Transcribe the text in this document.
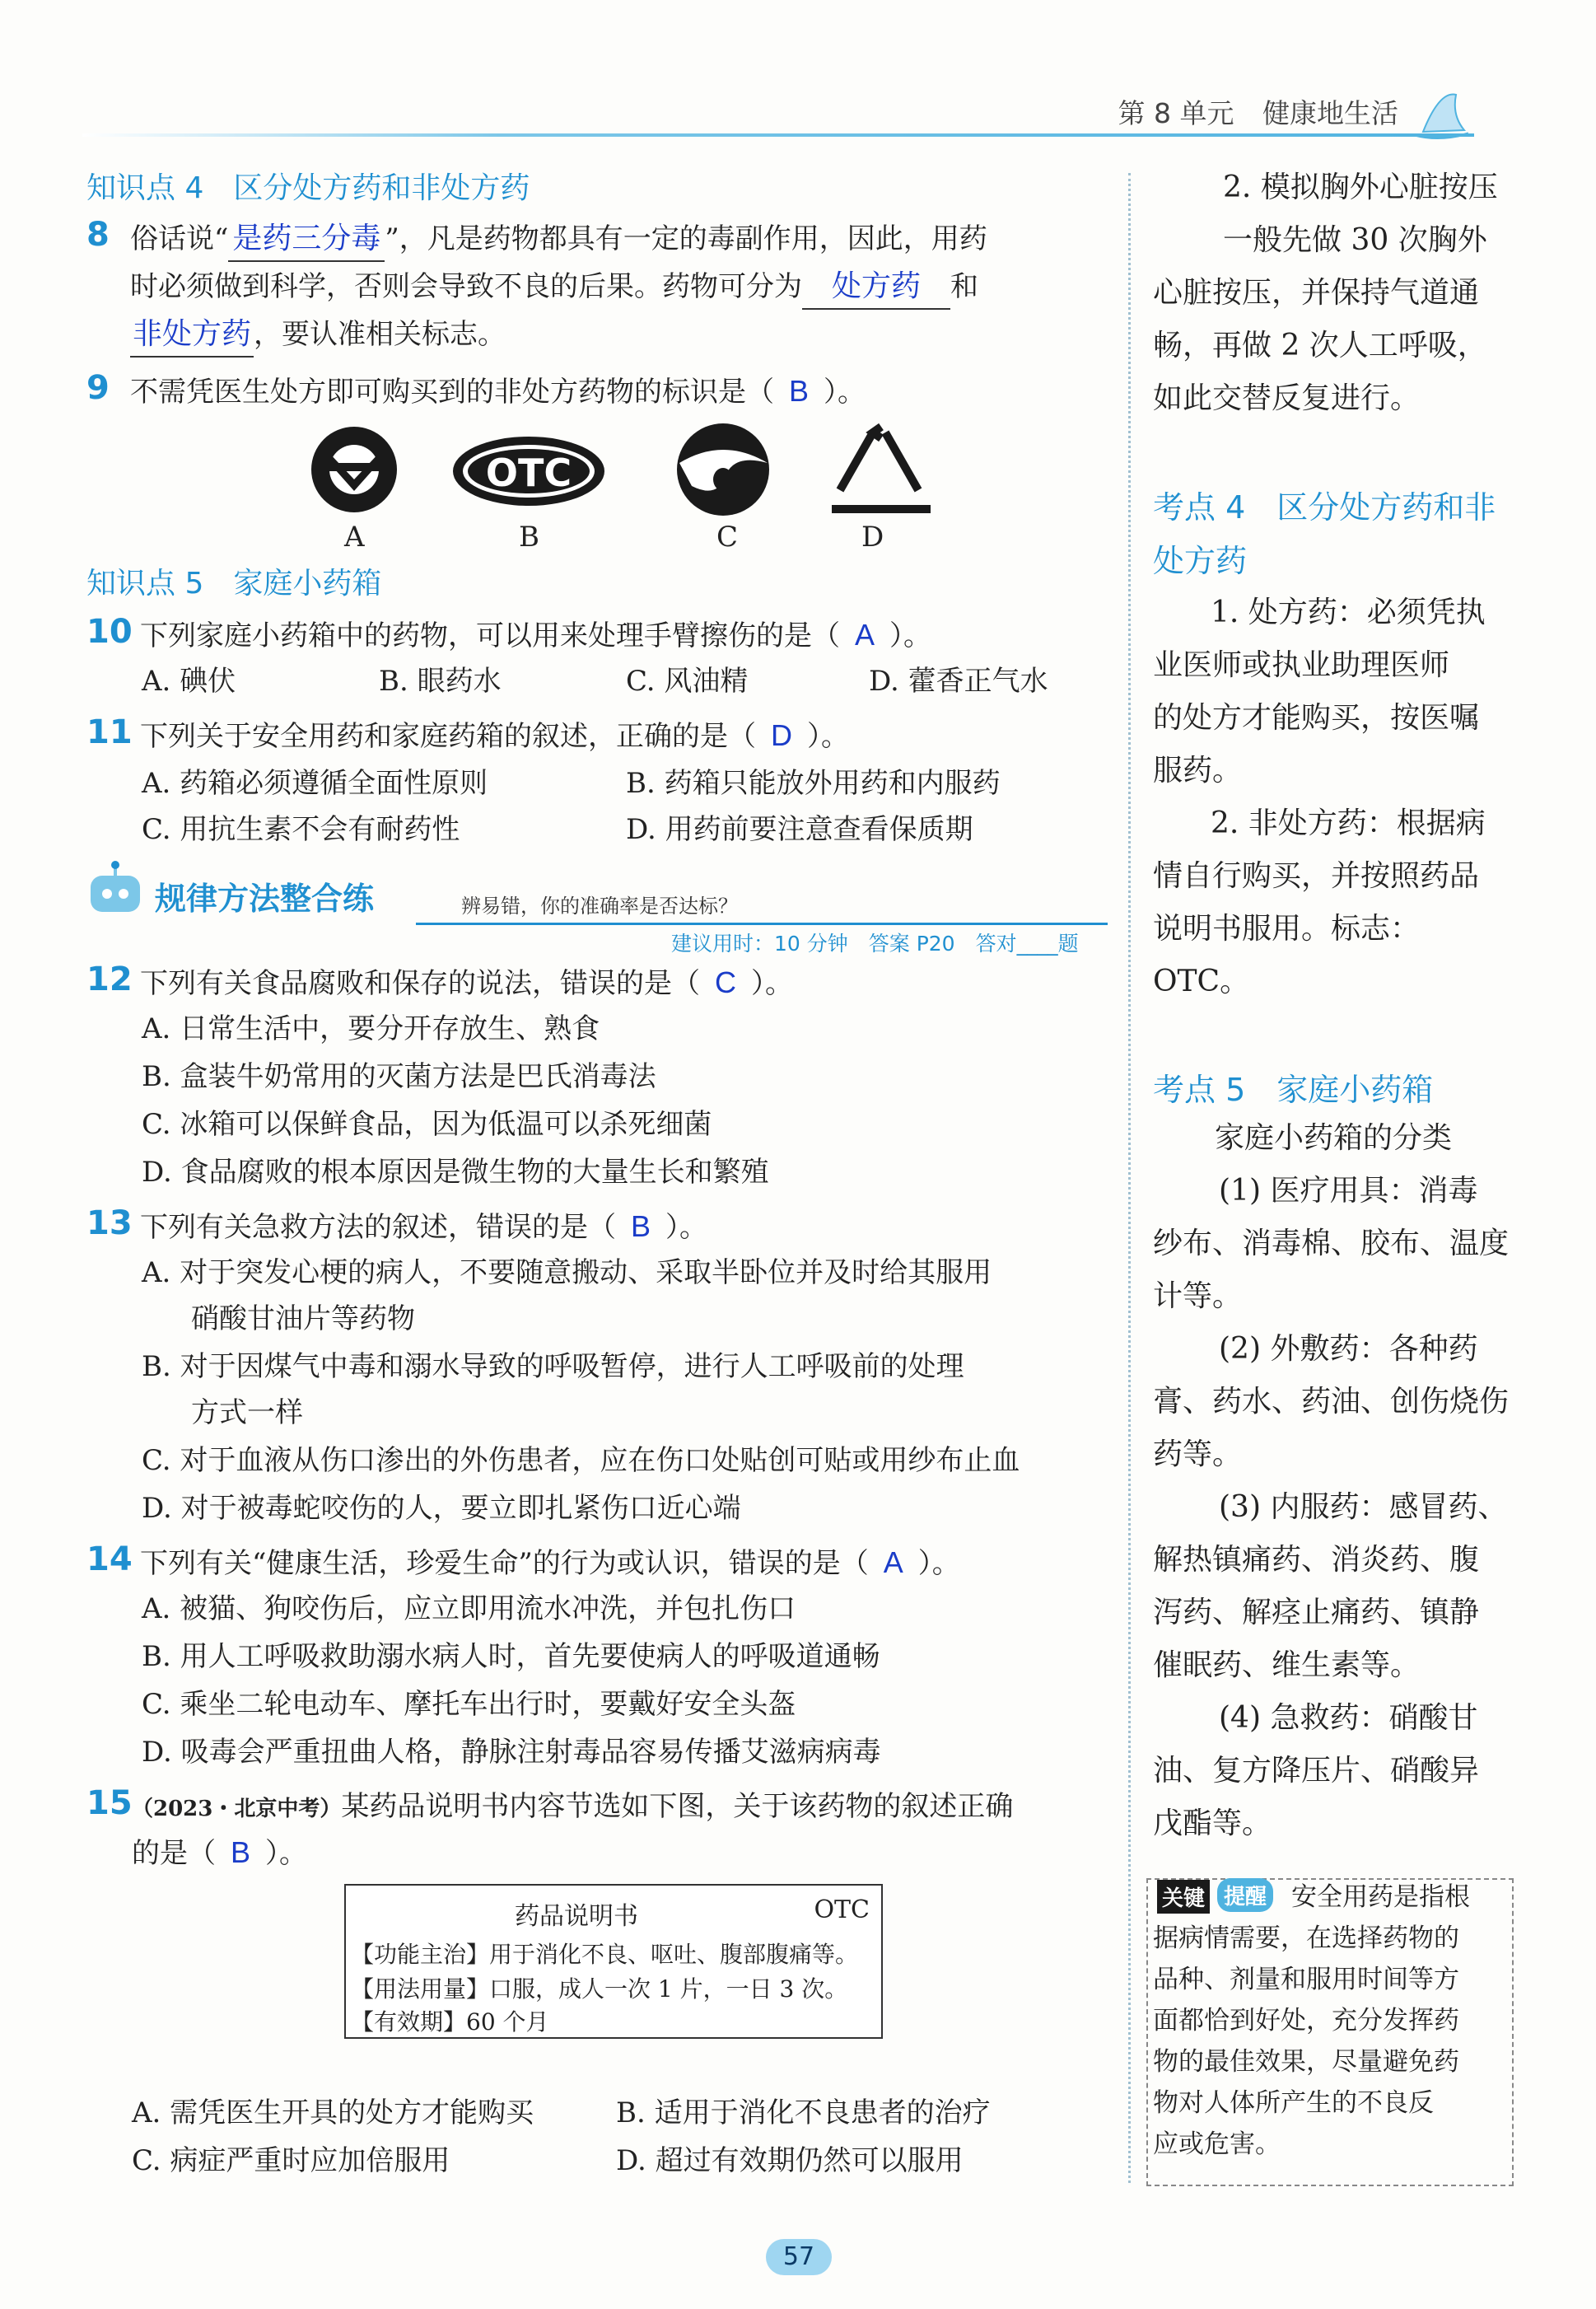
第 8 单元 健康地生活
知识点 4　区分处方药和非处方药
8 俗话说“ 是药三分毒 ”，凡是药物都具有一定的毒副作用，因此，用药
时必须做到科学，否则会导致不良的后果。药物可分为 处方药 和
非处方药，要认准相关标志。
9 不需凭医生处方即可购买到的非处方药物的标识是（ B ）。
OTC
A	B	C	D
知识点 5　家庭小药箱
10 下列家庭小药箱中的药物，可以用来处理手臂擦伤的是（ A ）。
A. 碘伏	B. 眼药水	C. 风油精	D. 藿香正气水
11 下列关于安全用药和家庭药箱的叙述，正确的是（ D ）。
A. 药箱必须遵循全面性原则	B. 药箱只能放外用药和内服药
C. 用抗生素不会有耐药性	D. 用药前要注意查看保质期
规律方法整合练	辨易错，你的准确率是否达标？
建议用时：10 分钟　答案 P20　答对____题
12 下列有关食品腐败和保存的说法，错误的是（ C ）。
A. 日常生活中，要分开存放生、熟食
B. 盒装牛奶常用的灭菌方法是巴氏消毒法
C. 冰箱可以保鲜食品，因为低温可以杀死细菌
D. 食品腐败的根本原因是微生物的大量生长和繁殖
13 下列有关急救方法的叙述，错误的是（ B ）。
A. 对于突发心梗的病人，不要随意搬动、采取半卧位并及时给其服用
硝酸甘油片等药物
B. 对于因煤气中毒和溺水导致的呼吸暂停，进行人工呼吸前的处理
方式一样
C. 对于血液从伤口渗出的外伤患者，应在伤口处贴创可贴或用纱布止血
D. 对于被毒蛇咬伤的人，要立即扎紧伤口近心端
14 下列有关“健康生活，珍爱生命”的行为或认识，错误的是（ A ）。
A. 被猫、狗咬伤后，应立即用流水冲洗，并包扎伤口
B. 用人工呼吸救助溺水病人时，首先要使病人的呼吸道通畅
C. 乘坐二轮电动车、摩托车出行时，要戴好安全头盔
D. 吸毒会严重扭曲人格，静脉注射毒品容易传播艾滋病病毒
15 （2023・北京中考）某药品说明书内容节选如下图，关于该药物的叙述正确
的是（ B ）。
药品说明书	OTC
【功能主治】用于消化不良、呕吐、腹部腹痛等。
【用法用量】口服，成人一次 1 片，一日 3 次。
【有效期】60 个月
A. 需凭医生开具的处方才能购买	B. 适用于消化不良患者的治疗
C. 病症严重时应加倍服用	D. 超过有效期仍然可以服用
2. 模拟胸外心脏按压
一般先做 30 次胸外
心脏按压，并保持气道通
畅，再做 2 次人工呼吸，
如此交替反复进行。
考点 4　区分处方药和非
处方药
1. 处方药：必须凭执
业医师或执业助理医师
的处方才能购买，按医嘱
服药。
2. 非处方药：根据病
情自行购买，并按照药品
说明书服用。标志：
OTC。
考点 5　家庭小药箱
家庭小药箱的分类
(1) 医疗用具：消毒
纱布、消毒棉、胶布、温度
计等。
(2) 外敷药：各种药
膏、药水、药油、创伤烧伤
药等。
(3) 内服药：感冒药、
解热镇痛药、消炎药、腹
泻药、解痉止痛药、镇静
催眠药、维生素等。
(4) 急救药：硝酸甘
油、复方降压片、硝酸异
戊酯等。
关键 提醒 安全用药是指根
据病情需要，在选择药物的
品种、剂量和服用时间等方
面都恰到好处，充分发挥药
物的最佳效果，尽量避免药
物对人体所产生的不良反
应或危害。
57
